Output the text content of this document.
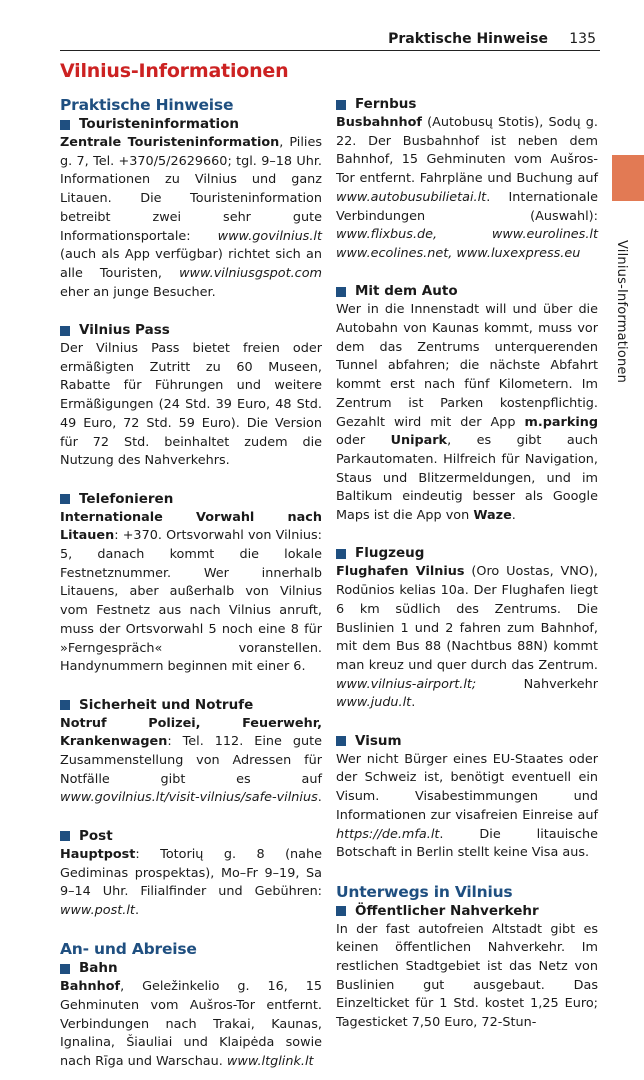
Praktische Hinweise 135
Vilnius-Informationen
Vilnius-Informationen
Praktische Hinweise
Touristeninformation

Zentrale Touristeninformation, Pilies g. 7, Tel. +370/5/2629660; tgl. 9–18 Uhr. Informationen zu Vilnius und ganz Litauen. Die Touristeninformation betreibt zwei sehr gute Informationsportale: www.govilnius.lt (auch als App verfügbar) richtet sich an alle Touristen, www.vilniusgspot.com eher an junge Besucher.

Vilnius Pass

Der Vilnius Pass bietet freien oder ermäßigten Zutritt zu 60 Museen, Rabatte für Führungen und weitere Ermäßigungen (24 Std. 39 Euro, 48 Std. 49 Euro, 72 Std. 59 Euro). Die Version für 72 Std. beinhaltet zudem die Nutzung des Nahverkehrs.

Telefonieren

Internationale Vorwahl nach Litauen: +370. Ortsvorwahl von Vilnius: 5, danach kommt die lokale Festnetznummer. Wer innerhalb Litauens, aber außerhalb von Vilnius vom Festnetz aus nach Vilnius anruft, muss der Ortsvorwahl 5 noch eine 8 für »Ferngespräch« voranstellen. Handynummern beginnen mit einer 6.

Sicherheit und Notrufe

Notruf Polizei, Feuerwehr, Krankenwagen: Tel. 112. Eine gute Zusammenstellung von Adressen für Notfälle gibt es auf www.govilnius.lt/visit-vilnius/safe-vilnius.

Post

Hauptpost: Totorių g. 8 (nahe Gediminas prospektas), Mo–Fr 9–19, Sa 9–14 Uhr. Filialfinder und Gebühren: www.post.lt.

An- und Abreise
Bahn

Bahnhof, Geležinkelio g. 16, 15 Gehminuten vom Aušros-Tor entfernt. Verbindungen nach Trakai, Kaunas, Ignalina, Šiauliai und Klaipėda sowie nach Rīga und Warschau. www.ltglink.lt

Fernbus

Busbahnhof (Autobusų Stotis), Sodų g. 22. Der Busbahnhof ist neben dem Bahnhof, 15 Gehminuten vom Aušros-Tor entfernt. Fahrpläne und Buchung auf www.autobusubilietai.lt. Internationale Verbindungen (Auswahl): www.flixbus.de, www.eurolines.lt www.ecolines.net, www.luxexpress.eu

Mit dem Auto

Wer in die Innenstadt will und über die Autobahn von Kaunas kommt, muss vor dem das Zentrums unterquerenden Tunnel abfahren; die nächste Abfahrt kommt erst nach fünf Kilometern. Im Zentrum ist Parken kostenpflichtig. Gezahlt wird mit der App m.parking oder Unipark, es gibt auch Parkautomaten. Hilfreich für Navigation, Staus und Blitzermeldungen, und im Baltikum eindeutig besser als Google Maps ist die App von Waze.

Flugzeug

Flughafen Vilnius (Oro Uostas, VNO), Rodūnios kelias 10a. Der Flughafen liegt 6 km südlich des Zentrums. Die Buslinien 1 und 2 fahren zum Bahnhof, mit dem Bus 88 (Nachtbus 88N) kommt man kreuz und quer durch das Zentrum. www.vilnius-airport.lt; Nahverkehr www.judu.lt.

Visum

Wer nicht Bürger eines EU-Staates oder der Schweiz ist, benötigt eventuell ein Visum. Visabestimmungen und Informationen zur visafreien Einreise auf https://de.mfa.lt. Die litauische Botschaft in Berlin stellt keine Visa aus.

Unterwegs in Vilnius
Öffentlicher Nahverkehr

In der fast autofreien Altstadt gibt es keinen öffentlichen Nahverkehr. Im restlichen Stadtgebiet ist das Netz von Buslinien gut ausgebaut. Das Einzelticket für 1 Std. kostet 1,25 Euro; Tagesticket 7,50 Euro, 72-Stun-
